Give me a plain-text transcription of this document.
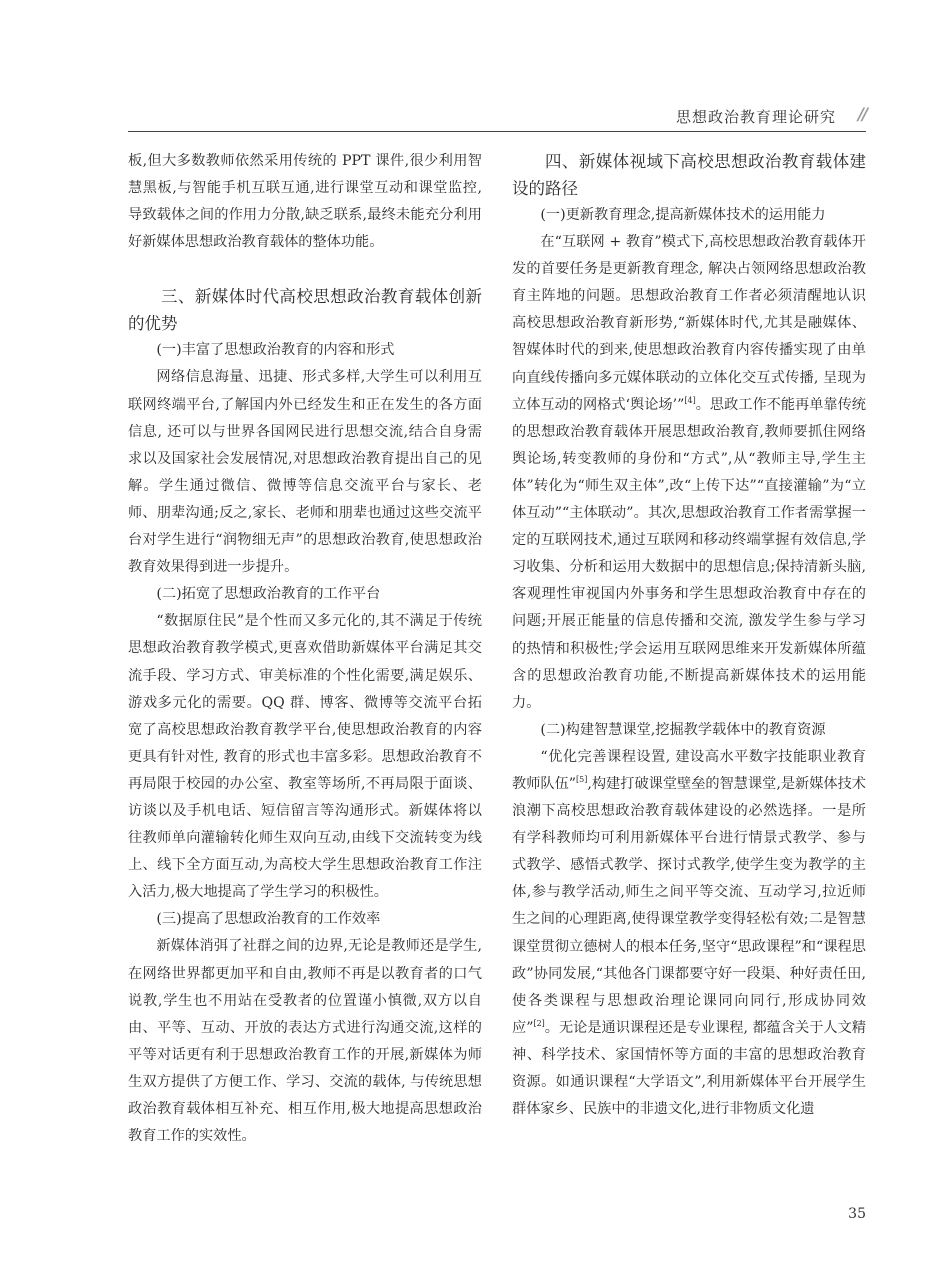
思想政治教育理论研究 //

板,但大多数教师依然采用传统的 PPT 课件,很少利用智慧黑板,与智能手机互联互通,进行课堂互动和课堂监控,导致载体之间的作用力分散,缺乏联系,最终未能充分利用好新媒体思想政治教育载体的整体功能。

三、新媒体时代高校思想政治教育载体创新的优势

(一)丰富了思想政治教育的内容和形式

网络信息海量、迅捷、形式多样,大学生可以利用互联网终端平台,了解国内外已经发生和正在发生的各方面信息, 还可以与世界各国网民进行思想交流,结合自身需求以及国家社会发展情况,对思想政治教育提出自己的见解。学生通过微信、微博等信息交流平台与家长、老师、朋辈沟通;反之,家长、老师和朋辈也通过这些交流平台对学生进行“润物细无声”的思想政治教育,使思想政治教育效果得到进一步提升。

(二)拓宽了思想政治教育的工作平台

“数据原住民”是个性而又多元化的,其不满足于传统思想政治教育教学模式,更喜欢借助新媒体平台满足其交流手段、学习方式、审美标准的个性化需要,满足娱乐、游戏多元化的需要。QQ 群、博客、微博等交流平台拓宽了高校思想政治教育教学平台,使思想政治教育的内容更具有针对性, 教育的形式也丰富多彩。思想政治教育不再局限于校园的办公室、教室等场所,不再局限于面谈、访谈以及手机电话、短信留言等沟通形式。新媒体将以往教师单向灌输转化师生双向互动,由线下交流转变为线上、线下全方面互动,为高校大学生思想政治教育工作注入活力,极大地提高了学生学习的积极性。

(三)提高了思想政治教育的工作效率

新媒体消弭了社群之间的边界,无论是教师还是学生,在网络世界都更加平和自由,教师不再是以教育者的口气说教,学生也不用站在受教者的位置谨小慎微,双方以自由、平等、互动、开放的表达方式进行沟通交流,这样的平等对话更有利于思想政治教育工作的开展,新媒体为师生双方提供了方便工作、学习、交流的载体, 与传统思想政治教育载体相互补充、相互作用,极大地提高思想政治教育工作的实效性。

四、新媒体视域下高校思想政治教育载体建设的路径

(一)更新教育理念,提高新媒体技术的运用能力

在“互联网 + 教育”模式下,高校思想政治教育载体开发的首要任务是更新教育理念, 解决占领网络思想政治教育主阵地的问题。思想政治教育工作者必须清醒地认识高校思想政治教育新形势,“新媒体时代,尤其是融媒体、智媒体时代的到来,使思想政治教育内容传播实现了由单向直线传播向多元媒体联动的立体化交互式传播, 呈现为立体互动的网格式‘舆论场’”[4]。思政工作不能再单靠传统的思想政治教育载体开展思想政治教育,教师要抓住网络舆论场,转变教师的身份和“方式”,从“教师主导,学生主体”转化为“师生双主体”,改“上传下达”“直接灌输”为“立体互动”“主体联动”。其次,思想政治教育工作者需掌握一定的互联网技术,通过互联网和移动终端掌握有效信息,学习收集、分析和运用大数据中的思想信息;保持清新头脑,客观理性审视国内外事务和学生思想政治教育中存在的问题;开展正能量的信息传播和交流, 激发学生参与学习的热情和积极性;学会运用互联网思维来开发新媒体所蕴含的思想政治教育功能,不断提高新媒体技术的运用能力。

(二)构建智慧课堂,挖掘教学载体中的教育资源

“优化完善课程设置, 建设高水平数字技能职业教育教师队伍”[5],构建打破课堂壁垒的智慧课堂,是新媒体技术浪潮下高校思想政治教育载体建设的必然选择。一是所有学科教师均可利用新媒体平台进行情景式教学、参与式教学、感悟式教学、探讨式教学,使学生变为教学的主体,参与教学活动,师生之间平等交流、互动学习,拉近师生之间的心理距离,使得课堂教学变得轻松有效;二是智慧课堂贯彻立德树人的根本任务,坚守“思政课程”和“课程思政”协同发展,“其他各门课都要守好一段渠、种好责任田,使各类课程与思想政治理论课同向同行,形成协同效应”[2]。无论是通识课程还是专业课程, 都蕴含关于人文精神、科学技术、家国情怀等方面的丰富的思想政治教育资源。如通识课程“大学语文”,利用新媒体平台开展学生群体家乡、民族中的非遗文化,进行非物质文化遗

35
